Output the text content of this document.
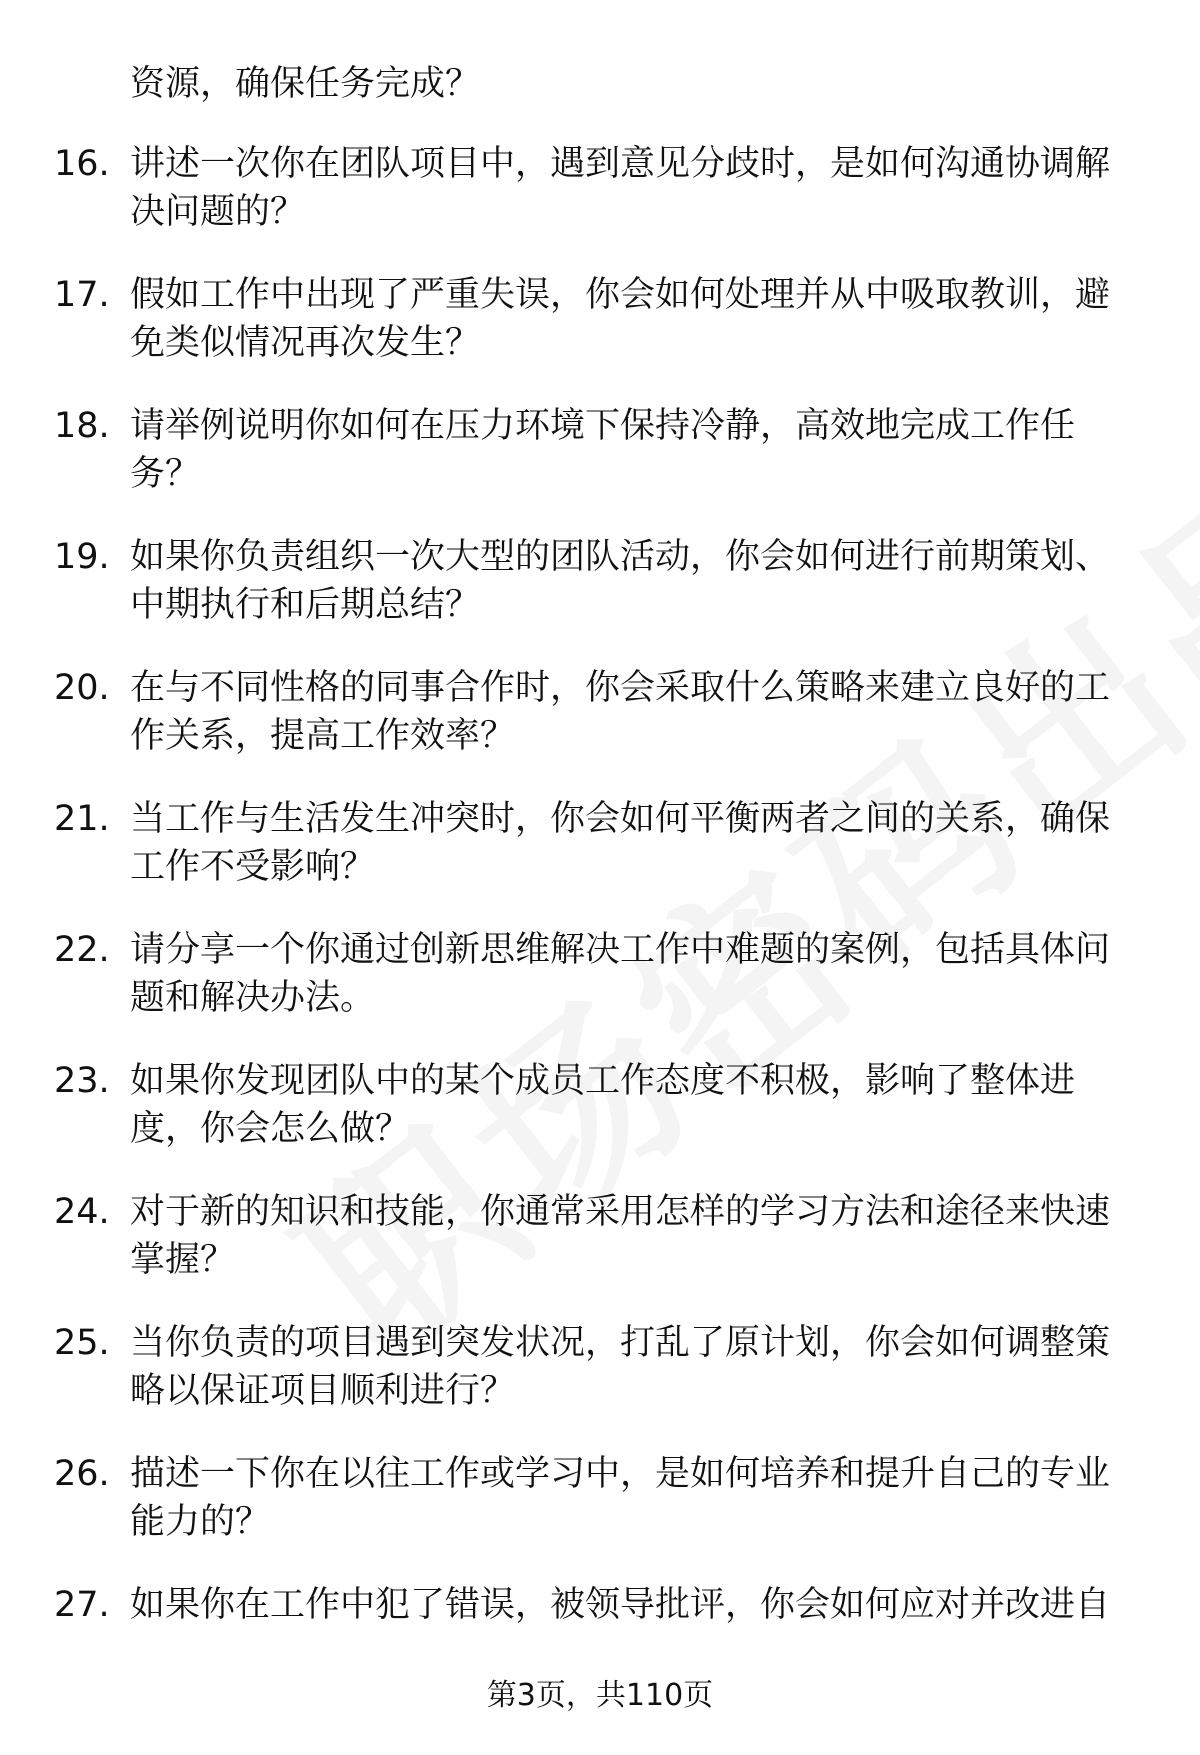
资源，确保任务完成？
16. 讲述一次你在团队项目中，遇到意见分歧时，是如何沟通协调解决问题的？
17. 假如工作中出现了严重失误，你会如何处理并从中吸取教训，避免类似情况再次发生？
18. 请举例说明你如何在压力环境下保持冷静，高效地完成工作任务？
19. 如果你负责组织一次大型的团队活动，你会如何进行前期策划、中期执行和后期总结？
20. 在与不同性格的同事合作时，你会采取什么策略来建立良好的工作关系，提高工作效率？
21. 当工作与生活发生冲突时，你会如何平衡两者之间的关系，确保工作不受影响？
22. 请分享一个你通过创新思维解决工作中难题的案例，包括具体问题和解决办法。
23. 如果你发现团队中的某个成员工作态度不积极，影响了整体进度，你会怎么做？
24. 对于新的知识和技能，你通常采用怎样的学习方法和途径来快速掌握？
25. 当你负责的项目遇到突发状况，打乱了原计划，你会如何调整策略以保证项目顺利进行？
26. 描述一下你在以往工作或学习中，是如何培养和提升自己的专业能力的？
27. 如果你在工作中犯了错误，被领导批评，你会如何应对并改进自
第3页，共110页
